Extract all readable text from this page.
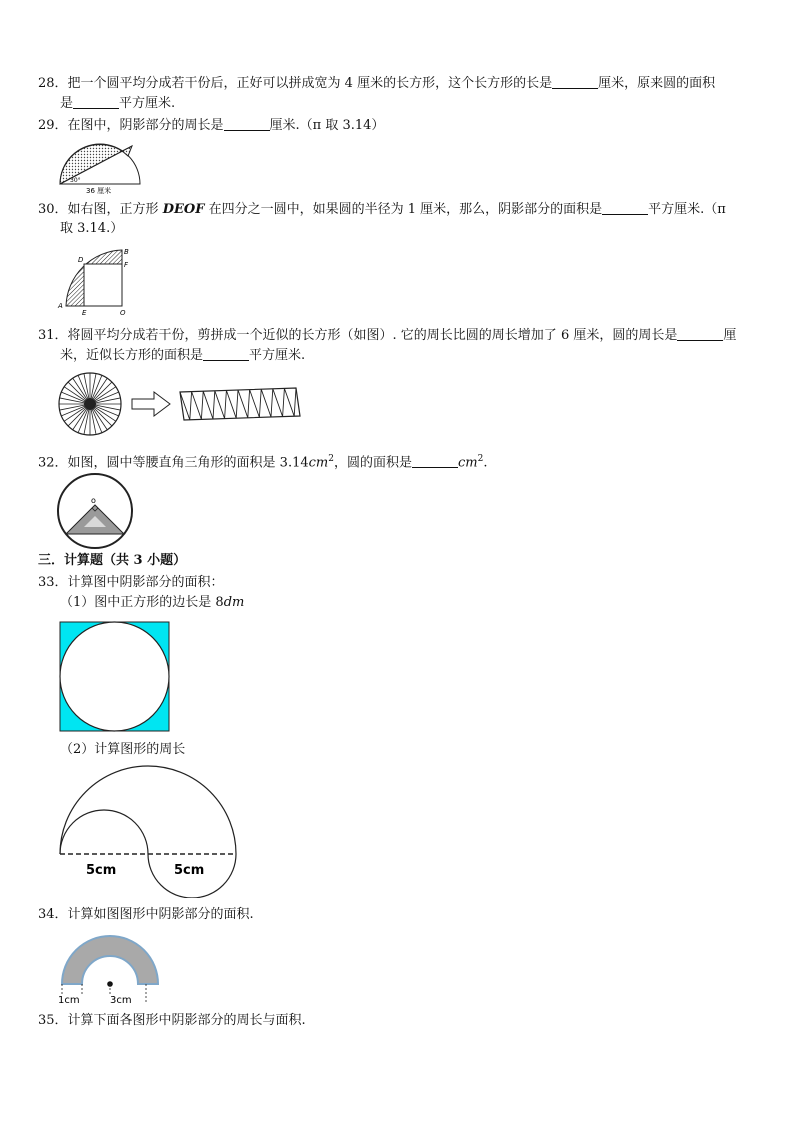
28．把一个圆平均分成若干份后，正好可以拼成宽为 4 厘米的长方形，这个长方形的长是	厘米，原来圆的面积
是	平方厘米.
29．在图中，阴影部分的周长是	厘米.（π 取 3.14）
30°
36 厘米
30．如右图，正方形 DEOF 在四分之一圆中，如果圆的半径为 1 厘米，那么，阴影部分的面积是	平方厘米.（π
取 3.14.）
B
D
F
A
E	O
31．将圆平均分成若干份，剪拼成一个近似的长方形（如图）. 它的周长比圆的周长增加了 6 厘米，圆的周长是	厘
米，近似长方形的面积是	平方厘米.
32．如图，圆中等腰直角三角形的面积是 $3.14cm^2$，圆的面积是	$cm^2$.
o
三．计算题（共 3 小题）
33．计算图中阴影部分的面积：
（1）图中正方形的边长是 8dm
（2）计算图形的周长
5cm	5cm
34．计算如图图形中阴影部分的面积.
1cm	3cm
35．计算下面各图形中阴影部分的周长与面积.
